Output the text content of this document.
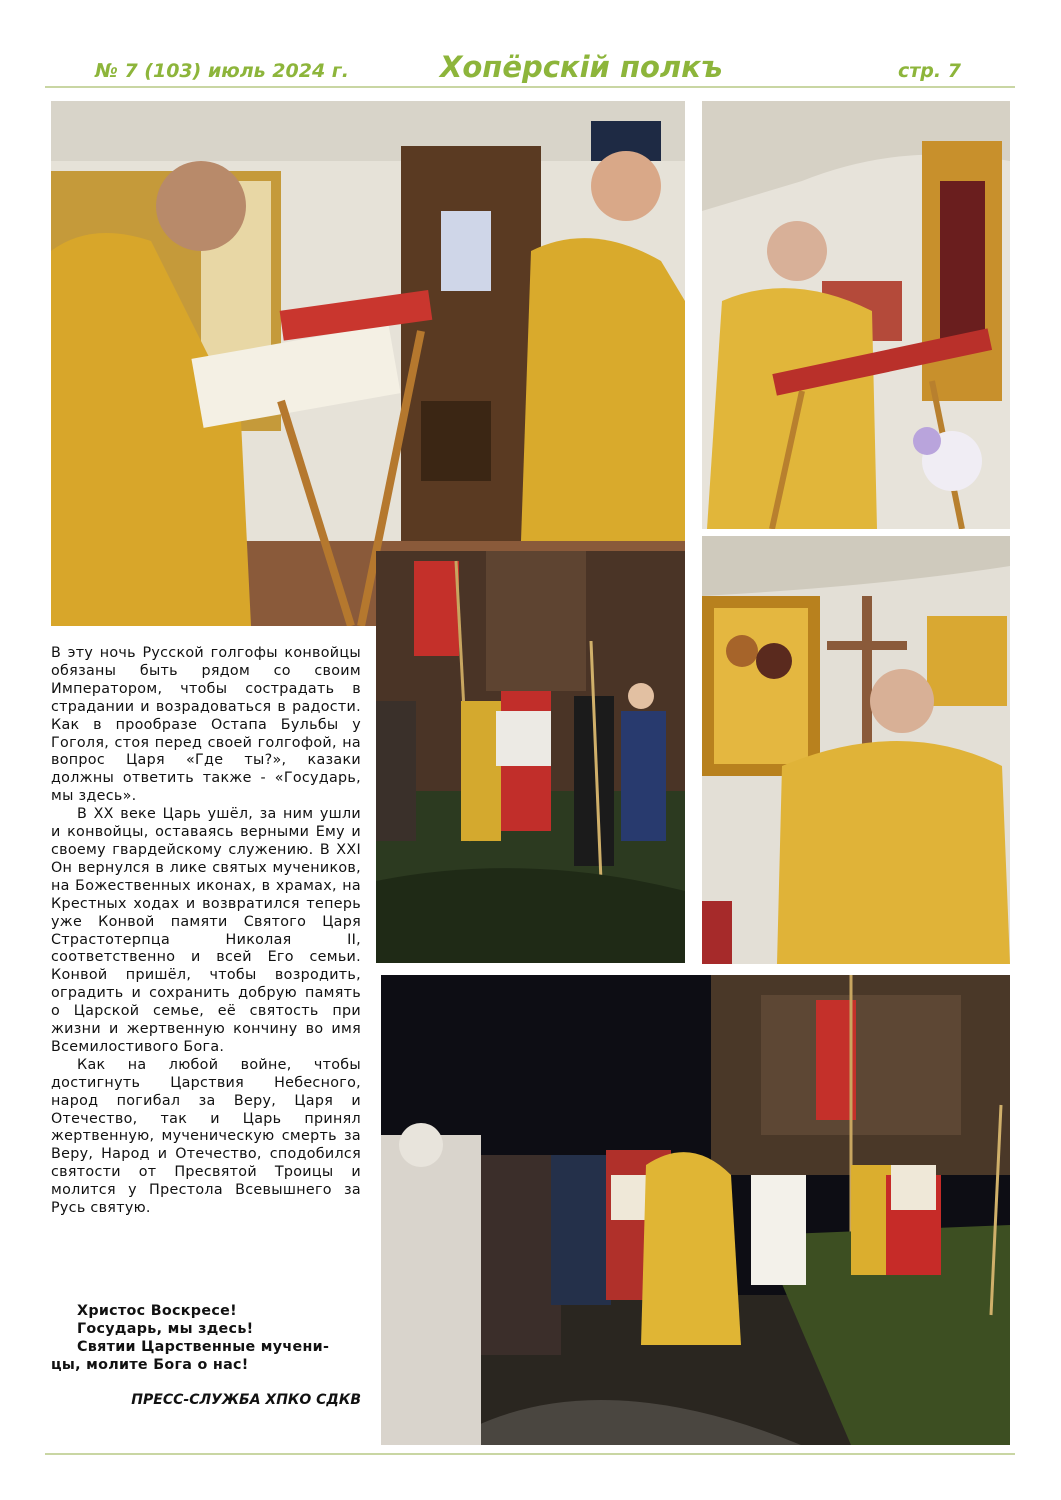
№ 7 (103) июль 2024 г.	Хопёрскій полкъ	стр. 7

В эту ночь Русской голгофы конвойцы обязаны быть рядом со своим Императором, чтобы сострадать в страдании и возрадоваться в радости. Как в прообразе Остапа Бульбы у Гоголя, стоя перед своей голгофой, на вопрос Царя «Где ты?», казаки должны ответить также - «Государь, мы здесь».

В XX веке Царь ушёл, за ним ушли и конвойцы, оставаясь верными Ему и своему гвардейскому служению. В XXI Он вернулся в лике святых мучеников, на Божественных иконах, в храмах, на Крестных ходах и возвратился теперь уже Конвой памяти Святого Царя Страстотерпца Николая II, соответственно и всей Его семьи. Конвой пришёл, чтобы возродить, оградить и сохранить добрую память о Царской семье, её святость при жизни и жертвенную кончину во имя Всемилостивого Бога.

Как на любой войне, чтобы достигнуть Царствия Небесного, народ погибал за Веру, Царя и Отечество, так и Царь принял жертвенную, мученическую смерть за Веру, Народ и Отечество, сподобился святости от Пресвятой Троицы и молится у Престола Всевышнего за Русь святую.

Христос Воскресе!
Государь, мы здесь!
Святии Царственные мучени-
цы, молите Бога о нас!
ПРЕСС-СЛУЖБА ХПКО СДКВ
